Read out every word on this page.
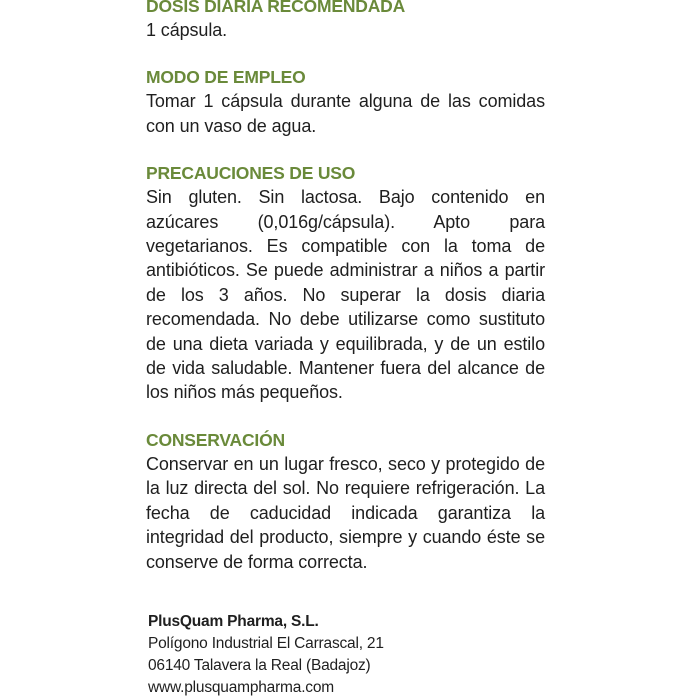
DOSIS DIARIA RECOMENDADA

1 cápsula.

MODO DE EMPLEO

Tomar 1 cápsula durante alguna de las comidas con un vaso de agua.

PRECAUCIONES DE USO

Sin gluten. Sin lactosa. Bajo contenido en azúcares (0,016g/cápsula). Apto para vegetarianos. Es compatible con la toma de antibióticos. Se puede administrar a niños a partir de los 3 años. No superar la dosis diaria recomendada. No debe utilizarse como sustituto de una dieta variada y equilibrada, y de un estilo de vida saludable. Mantener fuera del alcance de los niños más pequeños.

CONSERVACIÓN

Conservar en un lugar fresco, seco y protegido de la luz directa del sol. No requiere refrigeración. La fecha de caducidad indicada garantiza la integridad del producto, siempre y cuando éste se conserve de forma correcta.

PlusQuam Pharma, S.L.
Polígono Industrial El Carrascal, 21
06140 Talavera la Real (Badajoz)
www.plusquampharma.com
